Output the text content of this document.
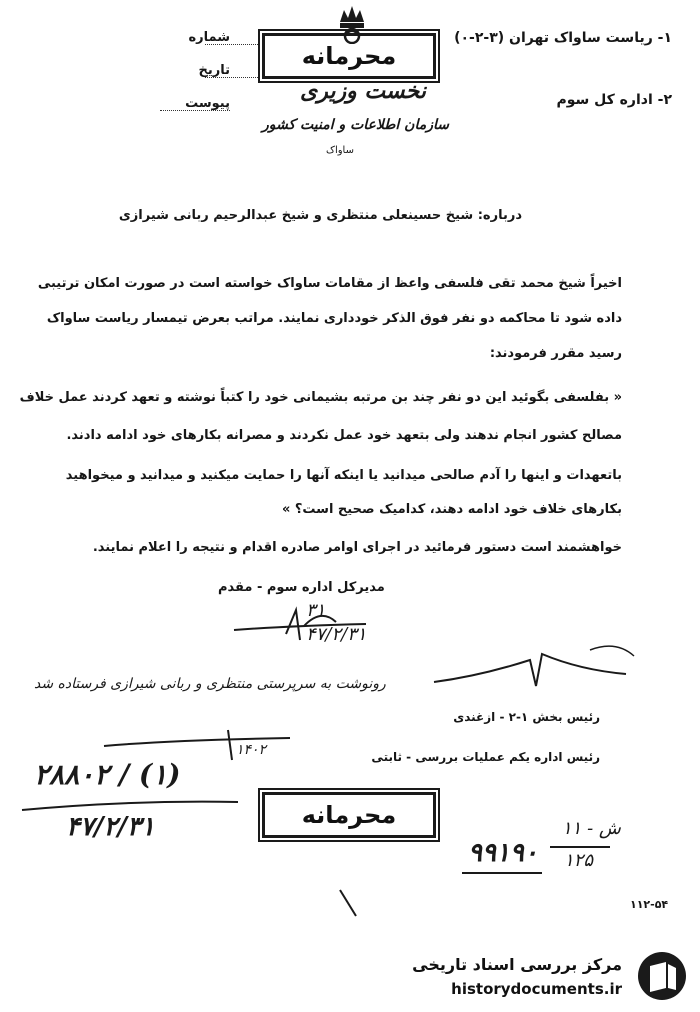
۱- ریاست ساواک تهران (۳-۲-۰)
۲- اداره کل سوم
شماره
تاریخ
پیوست
محرمانه
نخست وزیری
سازمان اطلاعات و امنیت کشور
ساواک
درباره: شیخ حسینعلی منتظری و شیخ عبدالرحیم ربانی شیرازی
اخیراً شیخ محمد تقی فلسفی واعظ از مقامات ساواک خواسته است در صورت امکان ترتیبی
داده شود تا محاکمه دو نفر فوق الذکر خودداری نمایند. مراتب بعرض تیمسار ریاست ساواک
رسید مقرر فرمودند:
« بفلسفی بگوئید این دو نفر چند بن مرتبه بشیمانی خود را کتباً نوشته و تعهد کردند عمل خلاف
مصالح کشور انجام ندهند ولی بتعهد خود عمل نکردند و مصرانه بکارهای خود ادامه دادند.
باتعهدات و اینها را آدم صالحی میدانید یا اینکه آنها را حمایت میکنید و میدانید و میخواهید
بکارهای خلاف خود ادامه دهند، کدامیک صحیح است؟ »
خواهشمند است دستور فرمائید در اجرای اوامر صادره اقدام و نتیجه را اعلام نمایند.
مدیرکل اداره سوم - مقدم
۳۱
۴۷/۲/۳۱
رونوشت به سرپرستی منتظری و ربانی شیرازی فرستاده شد
رئیس بخش ۱-۲ - ازغندی
رئیس اداره یکم عملیات بررسی - ثابتی
۱۴۰۲
۲۸۸۰۲ / (۱)
۴۷/۲/۳۱	محرمانه	ش - ۱۱
۹۹۱۹۰ ۱۲۵
۱۱۲-۵۴
مرکز بررسی اسناد تاریخی
historydocuments.ir
